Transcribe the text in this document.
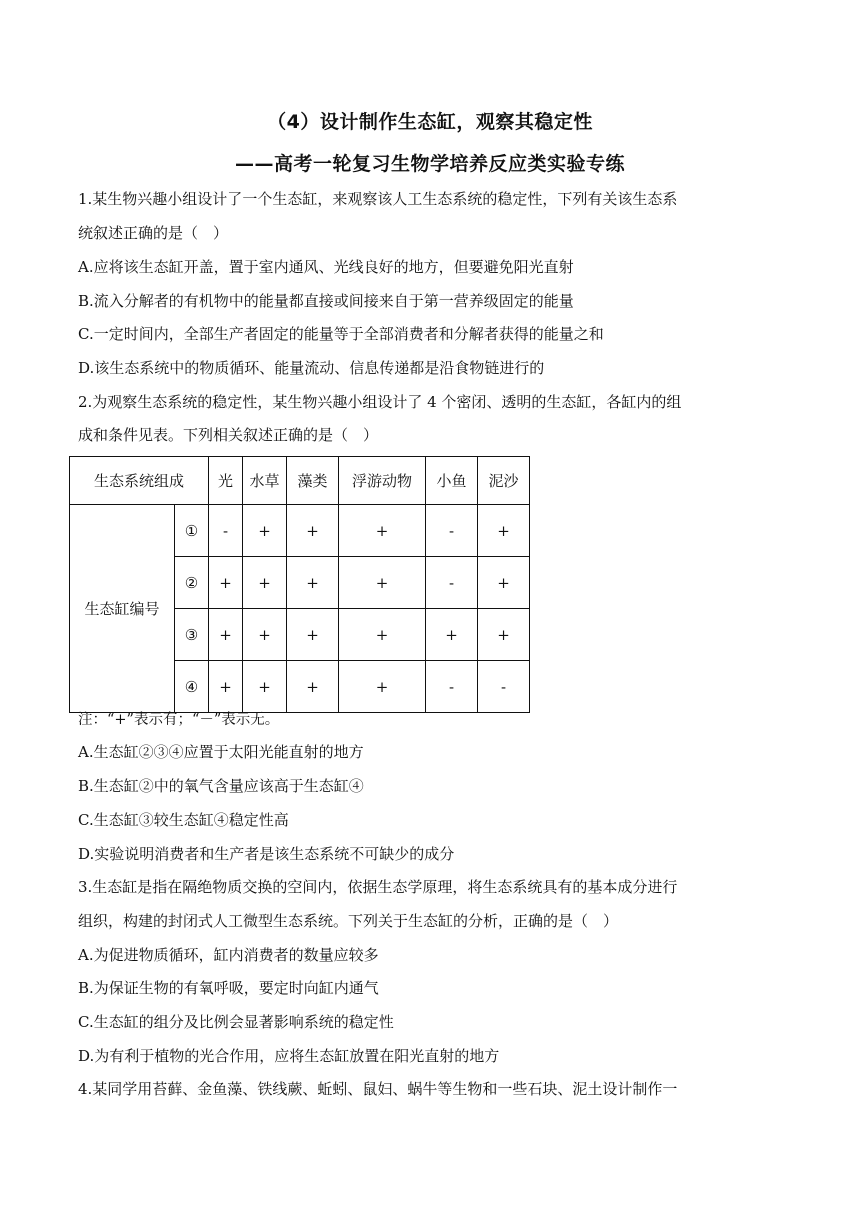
（4）设计制作生态缸，观察其稳定性
——高考一轮复习生物学培养反应类实验专练
1.某生物兴趣小组设计了一个生态缸，来观察该人工生态系统的稳定性，下列有关该生态系
统叙述正确的是（　）
A.应将该生态缸开盖，置于室内通风、光线良好的地方，但要避免阳光直射
B.流入分解者的有机物中的能量都直接或间接来自于第一营养级固定的能量
C.一定时间内，全部生产者固定的能量等于全部消费者和分解者获得的能量之和
D.该生态系统中的物质循环、能量流动、信息传递都是沿食物链进行的
2.为观察生态系统的稳定性，某生物兴趣小组设计了 4 个密闭、透明的生态缸，各缸内的组
成和条件见表。下列相关叙述正确的是（　）
生态系统组成		光	水草	藻类	浮游动物	小鱼	泥沙
生态缸编号	①	-	+	+	+	-	+
	②	+	+	+	+	-	+
	③	+	+	+	+	+	+
	④	+	+	+	+	-	-
注：“+”表示有；“－”表示无。
A.生态缸②③④应置于太阳光能直射的地方
B.生态缸②中的氧气含量应该高于生态缸④
C.生态缸③较生态缸④稳定性高
D.实验说明消费者和生产者是该生态系统不可缺少的成分
3.生态缸是指在隔绝物质交换的空间内，依据生态学原理，将生态系统具有的基本成分进行
组织，构建的封闭式人工微型生态系统。下列关于生态缸的分析，正确的是（　）
A.为促进物质循环，缸内消费者的数量应较多
B.为保证生物的有氧呼吸，要定时向缸内通气
C.生态缸的组分及比例会显著影响系统的稳定性
D.为有利于植物的光合作用，应将生态缸放置在阳光直射的地方
4.某同学用苔藓、金鱼藻、铁线蕨、蚯蚓、鼠妇、蜗牛等生物和一些石块、泥土设计制作一
